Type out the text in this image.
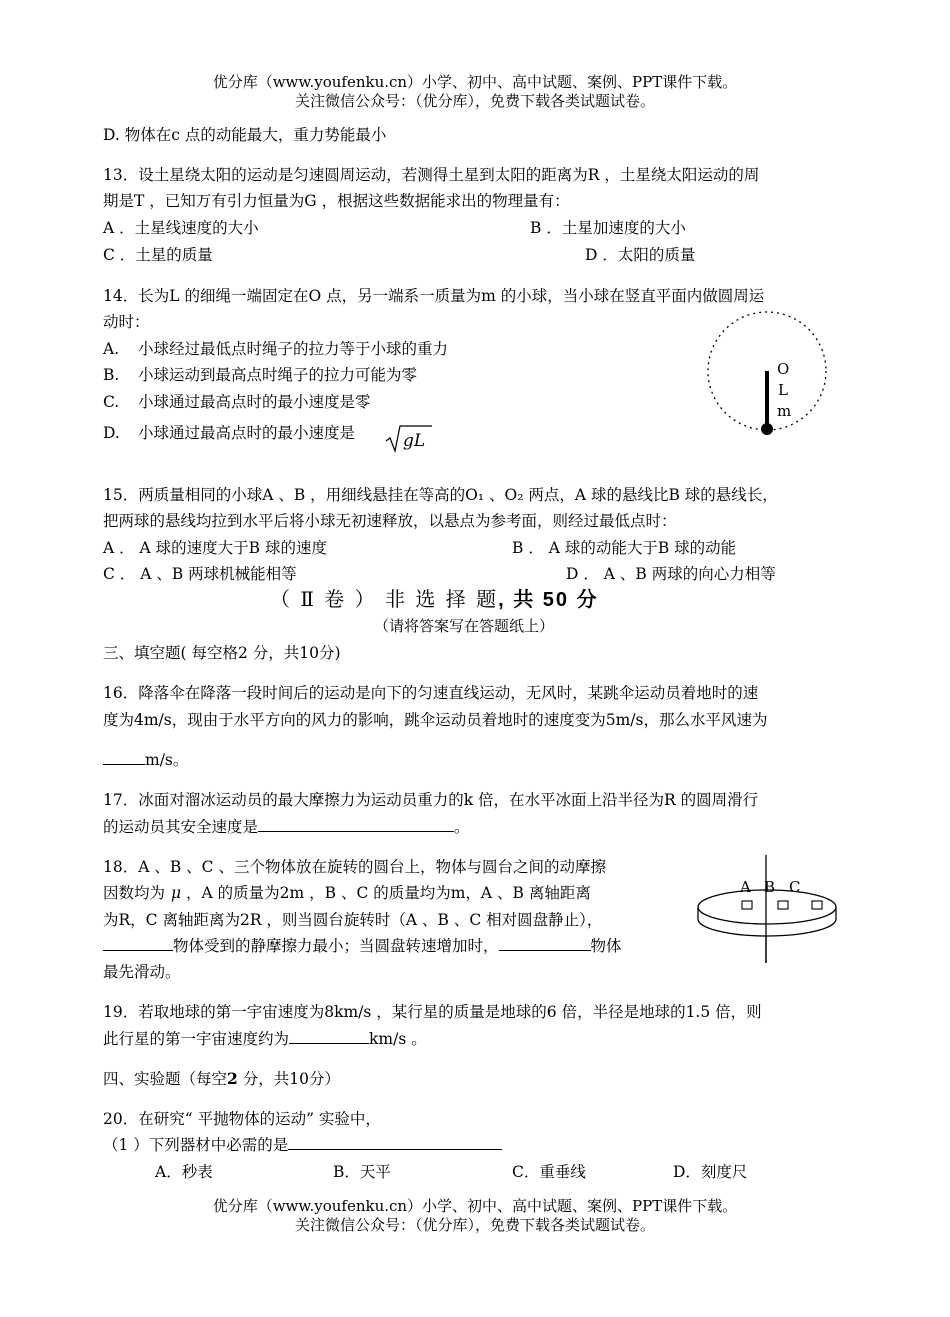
优分库（www.youfenku.cn）小学、初中、高中试题、案例、PPT课件下载。
关注微信公众号：（优分库），免费下载各类试题试卷。
D. 物体在c 点的动能最大，重力势能最小
13．设土星绕太阳的运动是匀速圆周运动，若测得土星到太阳的距离为R ，土星绕太阳运动的周
期是T ，已知万有引力恒量为G ，根据这些数据能求出的物理量有：
A ．土星线速度的大小	B ．土星加速度的大小
C ．土星的质量	D ．太阳的质量
14．长为L 的细绳一端固定在O 点，另一端系一质量为m 的小球，当小球在竖直平面内做圆周运
动时：
A. 小球经过最低点时绳子的拉力等于小球的重力
B. 小球运动到最高点时绳子的拉力可能为零
C. 小球通过最高点时的最小速度是零
D. 小球通过最高点时的最小速度是	gL
O
L
m
15．两质量相同的小球A 、B ，用细线悬挂在等高的O₁ 、O₂ 两点，A 球的悬线比B 球的悬线长，
把两球的悬线均拉到水平后将小球无初速释放，以悬点为参考面，则经过最低点时：
A ． A 球的速度大于B 球的速度	B ． A 球的动能大于B 球的动能
C ． A 、B 两球机械能相等	D ． A 、B 两球的向心力相等
（ Ⅱ 卷 ） 非 选 择 题, 共 50 分
（请将答案写在答题纸上）
三、填空题( 每空格2 分，共10分)
16．降落伞在降落一段时间后的运动是向下的匀速直线运动，无风时，某跳伞运动员着地时的速
度为4m/s，现由于水平方向的风力的影响，跳伞运动员着地时的速度变为5m/s，那么水平风速为
m/s。
17．冰面对溜冰运动员的最大摩擦力为运动员重力的k 倍，在水平冰面上沿半径为R 的圆周滑行
的运动员其安全速度是	。
18．A 、B 、C 、三个物体放在旋转的圆台上，物体与圆台之间的动摩擦
因数均为 μ ，A 的质量为2m ，B 、C 的质量均为m，A 、B 离轴距离
为R，C 离轴距离为2R ，则当圆台旋转时（A 、B 、C 相对圆盘静止），
物体受到的静摩擦力最小；当圆盘转速增加时，	物体
最先滑动。
A B C
19．若取地球的第一宇宙速度为8km/s ，某行星的质量是地球的6 倍，半径是地球的1.5 倍，则
此行星的第一宇宙速度约为	km/s 。
四、实验题（每空2 分，共10分）
20．在研究“ 平抛物体的运动” 实验中，
（1 ）下列器材中必需的是
A．秒表	B．天平	C．重垂线	D．刻度尺
优分库（www.youfenku.cn）小学、初中、高中试题、案例、PPT课件下载。
关注微信公众号：（优分库），免费下载各类试题试卷。
